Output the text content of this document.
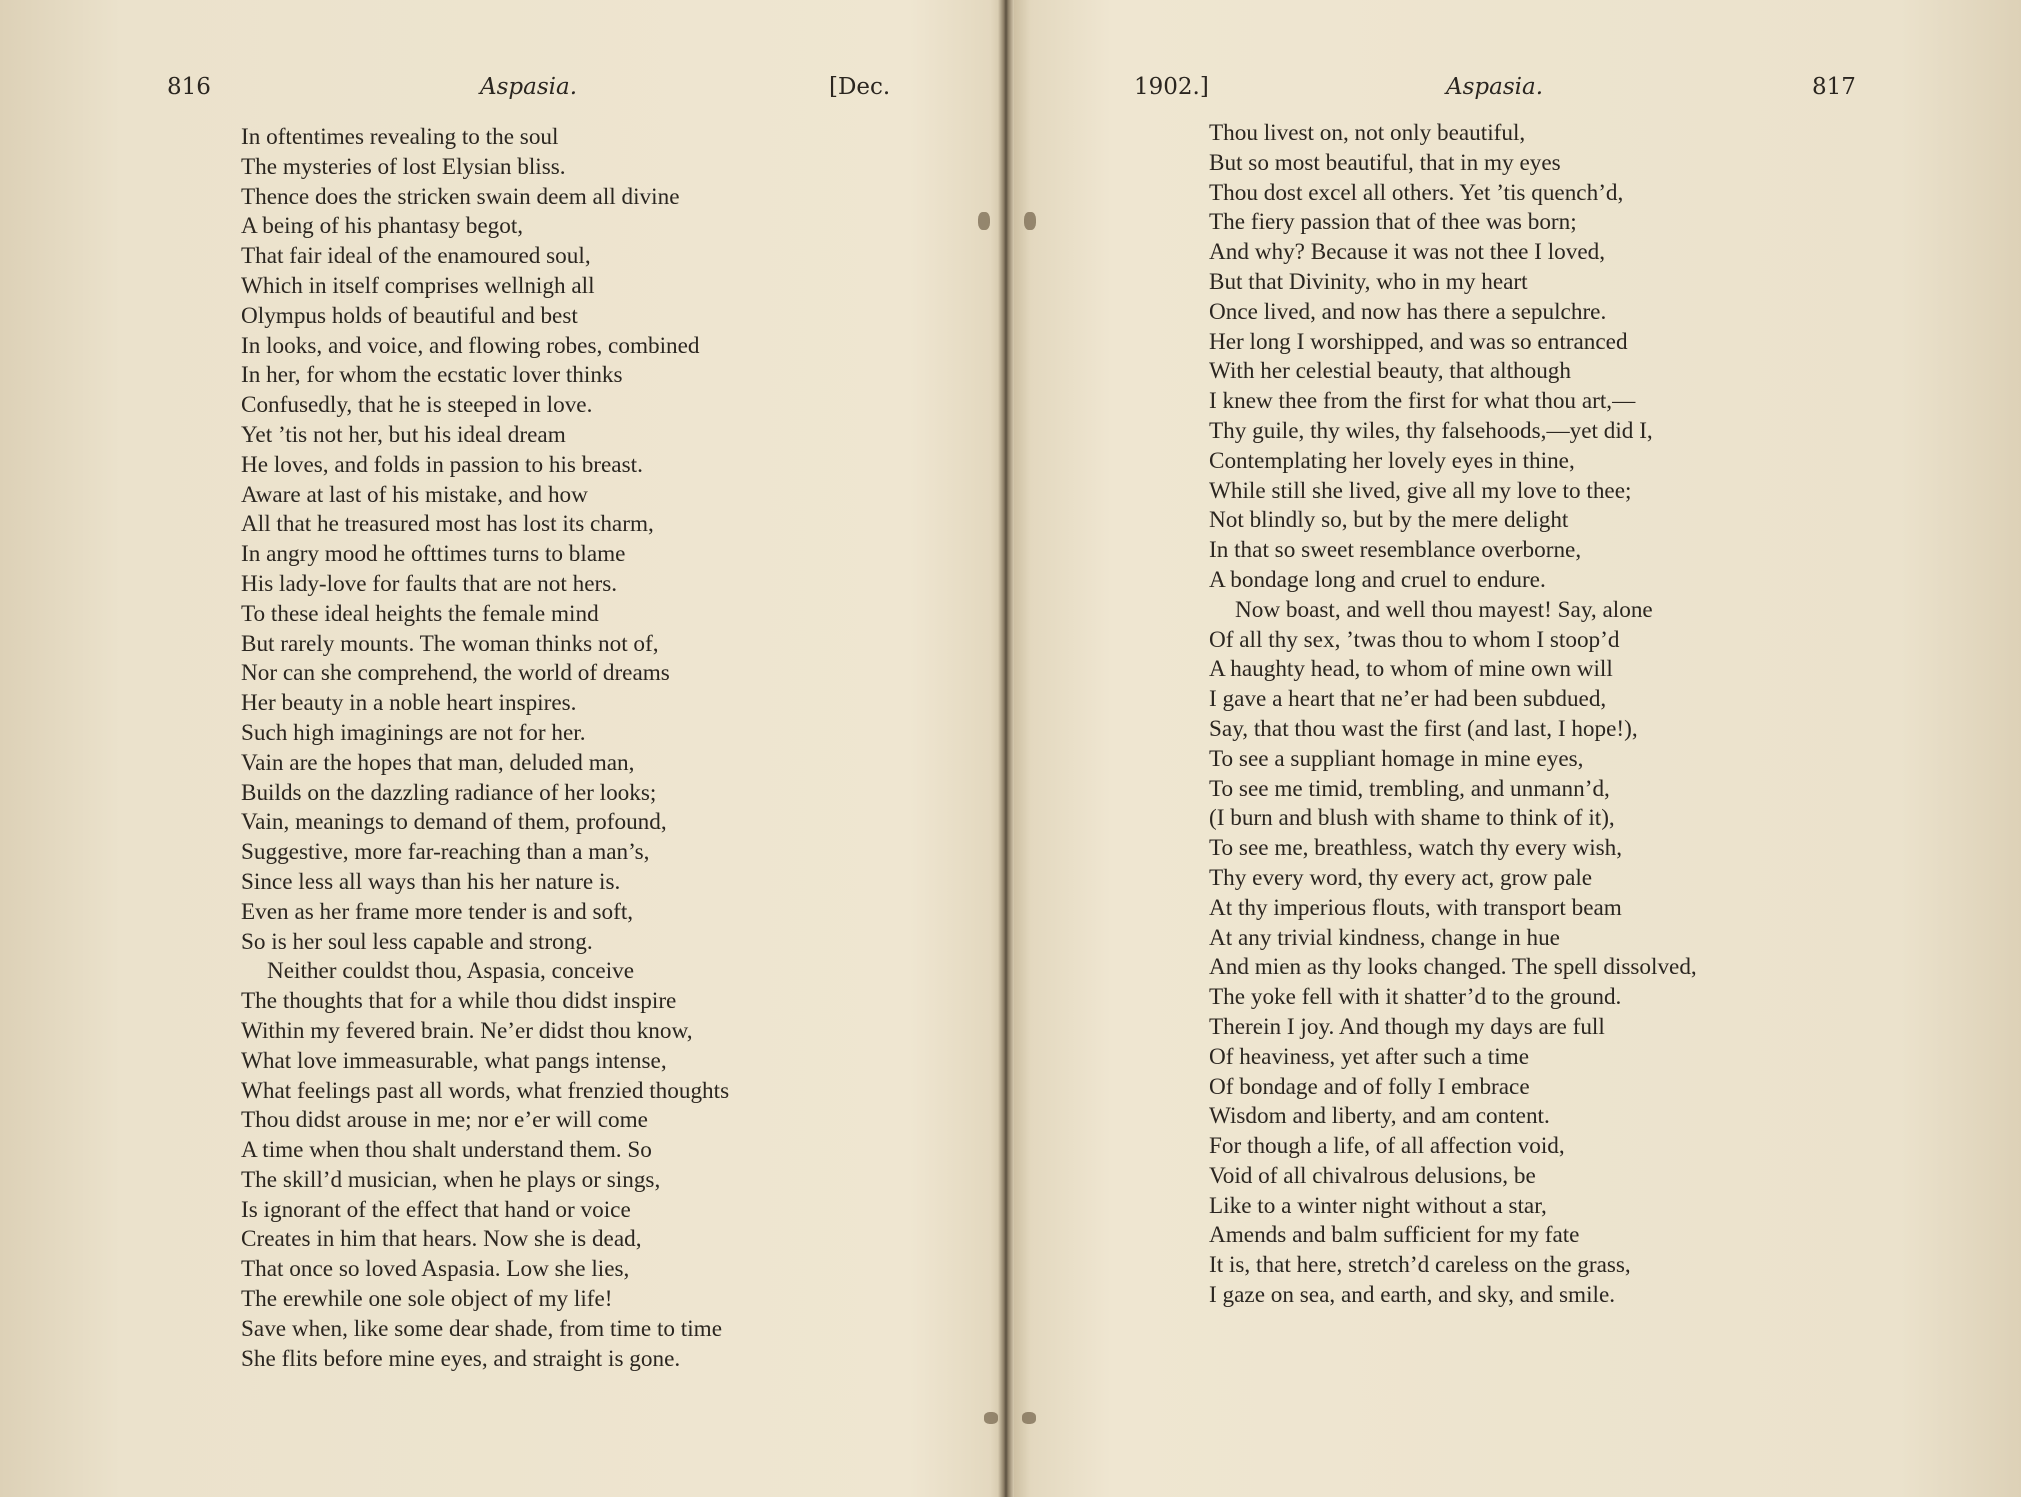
816	Aspasia.	[Dec.
In oftentimes revealing to the soul
The mysteries of lost Elysian bliss.
Thence does the stricken swain deem all divine
A being of his phantasy begot,
That fair ideal of the enamoured soul,
Which in itself comprises wellnigh all
Olympus holds of beautiful and best
In looks, and voice, and flowing robes, combined
In her, for whom the ecstatic lover thinks
Confusedly, that he is steeped in love.
Yet ’tis not her, but his ideal dream
He loves, and folds in passion to his breast.
Aware at last of his mistake, and how
All that he treasured most has lost its charm,
In angry mood he ofttimes turns to blame
His lady-love for faults that are not hers.
To these ideal heights the female mind
But rarely mounts. The woman thinks not of,
Nor can she comprehend, the world of dreams
Her beauty in a noble heart inspires.
Such high imaginings are not for her.
Vain are the hopes that man, deluded man,
Builds on the dazzling radiance of her looks;
Vain, meanings to demand of them, profound,
Suggestive, more far-reaching than a man’s,
Since less all ways than his her nature is.
Even as her frame more tender is and soft,
So is her soul less capable and strong.
Neither couldst thou, Aspasia, conceive
The thoughts that for a while thou didst inspire
Within my fevered brain. Ne’er didst thou know,
What love immeasurable, what pangs intense,
What feelings past all words, what frenzied thoughts
Thou didst arouse in me; nor e’er will come
A time when thou shalt understand them. So
The skill’d musician, when he plays or sings,
Is ignorant of the effect that hand or voice
Creates in him that hears. Now she is dead,
That once so loved Aspasia. Low she lies,
The erewhile one sole object of my life!
Save when, like some dear shade, from time to time
She flits before mine eyes, and straight is gone.
1902.]	Aspasia.	817
Thou livest on, not only beautiful,
But so most beautiful, that in my eyes
Thou dost excel all others. Yet ’tis quench’d,
The fiery passion that of thee was born;
And why? Because it was not thee I loved,
But that Divinity, who in my heart
Once lived, and now has there a sepulchre.
Her long I worshipped, and was so entranced
With her celestial beauty, that although
I knew thee from the first for what thou art,—
Thy guile, thy wiles, thy falsehoods,—yet did I,
Contemplating her lovely eyes in thine,
While still she lived, give all my love to thee;
Not blindly so, but by the mere delight
In that so sweet resemblance overborne,
A bondage long and cruel to endure.
Now boast, and well thou mayest! Say, alone
Of all thy sex, ’twas thou to whom I stoop’d
A haughty head, to whom of mine own will
I gave a heart that ne’er had been subdued,
Say, that thou wast the first (and last, I hope!),
To see a suppliant homage in mine eyes,
To see me timid, trembling, and unmann’d,
(I burn and blush with shame to think of it),
To see me, breathless, watch thy every wish,
Thy every word, thy every act, grow pale
At thy imperious flouts, with transport beam
At any trivial kindness, change in hue
And mien as thy looks changed. The spell dissolved,
The yoke fell with it shatter’d to the ground.
Therein I joy. And though my days are full
Of heaviness, yet after such a time
Of bondage and of folly I embrace
Wisdom and liberty, and am content.
For though a life, of all affection void,
Void of all chivalrous delusions, be
Like to a winter night without a star,
Amends and balm sufficient for my fate
It is, that here, stretch’d careless on the grass,
I gaze on sea, and earth, and sky, and smile.
